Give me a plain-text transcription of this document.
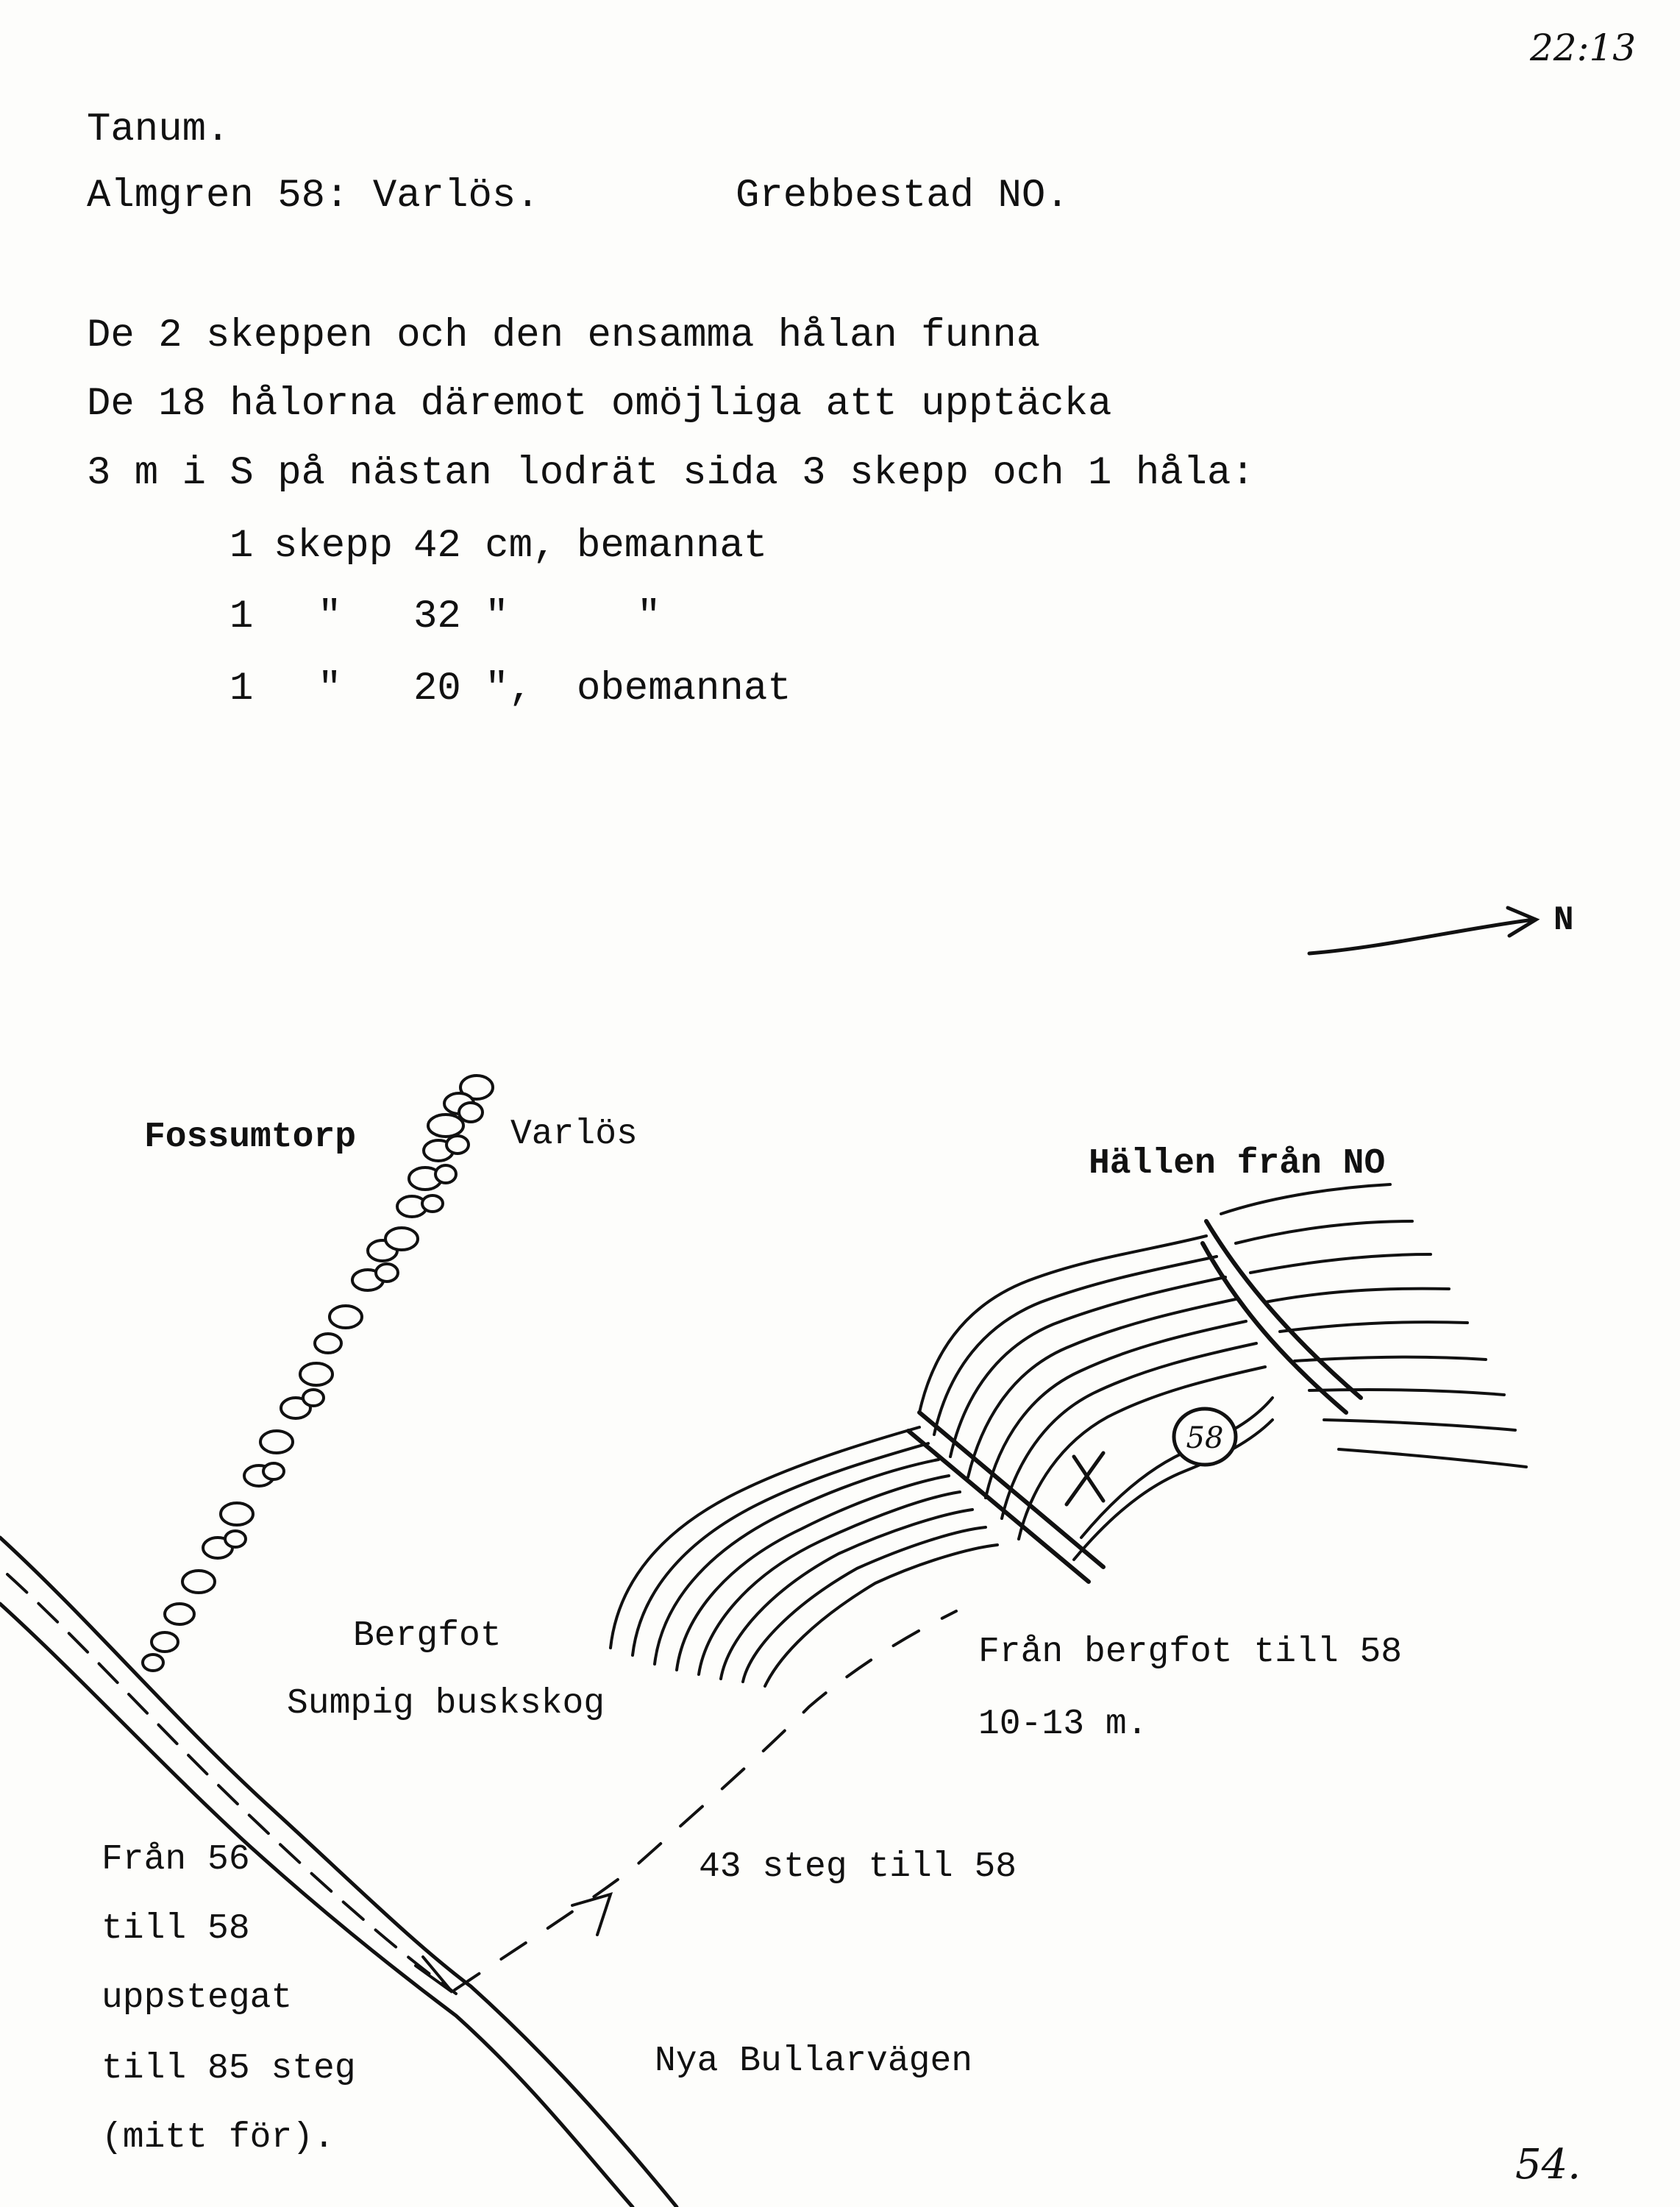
22:13
Tanum.
Almgren 58: Varlös.	Grebbestad NO.
De 2 skeppen och den ensamma hålan funna
De 18 hålorna däremot omöjliga att upptäcka
3 m i S på nästan lodrät sida 3 skepp och 1 håla:
1 skepp 42 cm, bemannat
1 " 32 "	"
1 " 20 ", obemannat
58
N
Fossumtorp	Varlös
Hällen från NO
Bergfot
Sumpig buskskog
Från bergfot till 58
10-13 m.
43 steg till 58
Nya Bullarvägen
Från 56
till 58
uppstegat
till 85 steg
(mitt för).
54.
